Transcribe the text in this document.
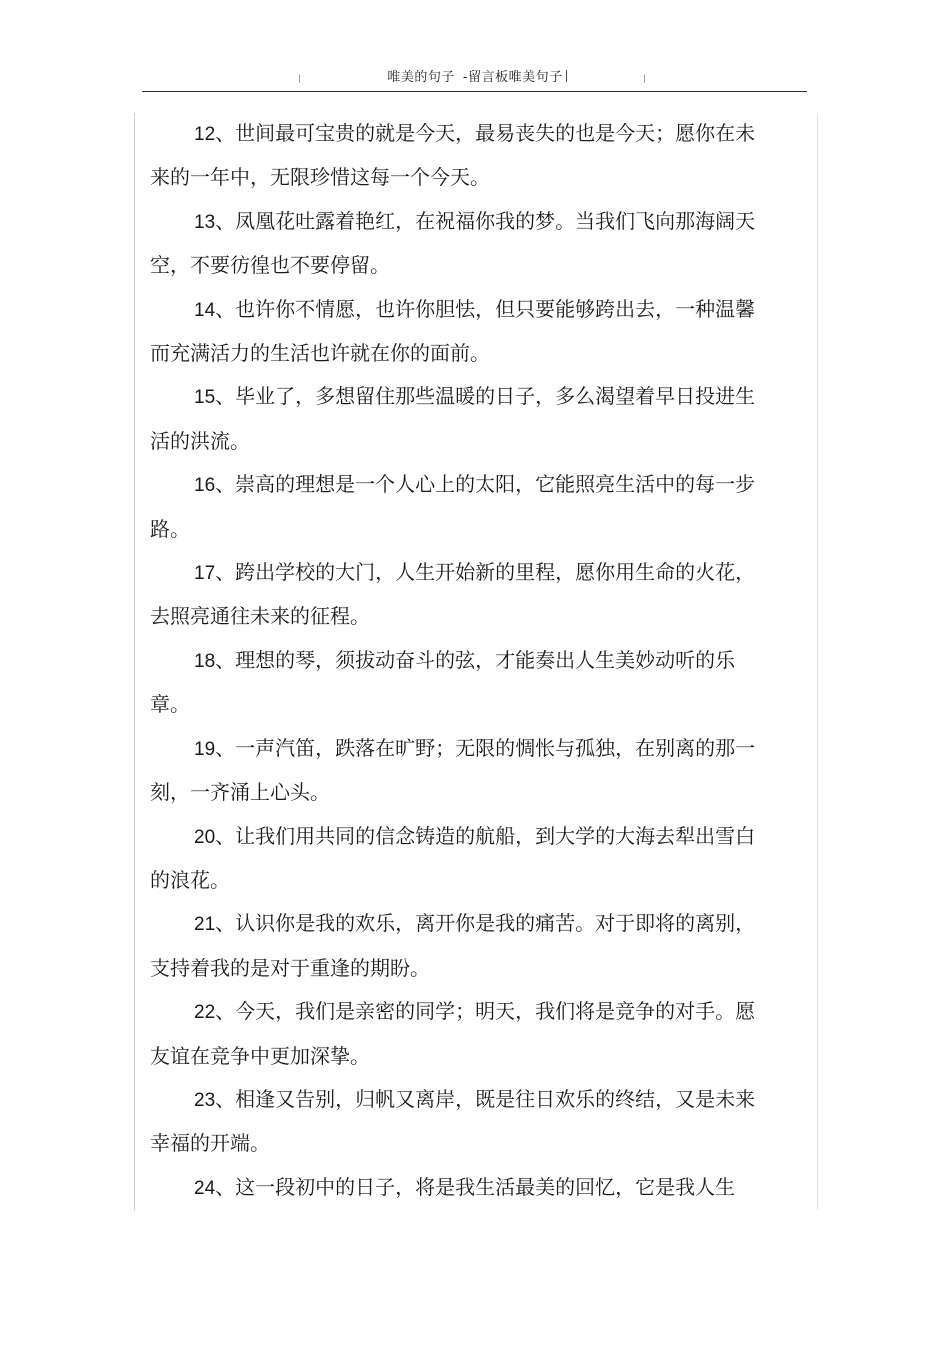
唯美的句子 -留言板唯美句子

12、世间最可宝贵的就是今天，最易丧失的也是今天；愿你在未来的一年中，无限珍惜这每一个今天。

13、凤凰花吐露着艳红，在祝福你我的梦。当我们飞向那海阔天空，不要彷徨也不要停留。

14、也许你不情愿，也许你胆怯，但只要能够跨出去，一种温馨而充满活力的生活也许就在你的面前。

15、毕业了，多想留住那些温暖的日子，多么渴望着早日投进生活的洪流。

16、崇高的理想是一个人心上的太阳，它能照亮生活中的每一步路。

17、跨出学校的大门，人生开始新的里程，愿你用生命的火花，去照亮通往未来的征程。

18、理想的琴，须拔动奋斗的弦，才能奏出人生美妙动听的乐章。

19、一声汽笛，跌落在旷野；无限的惆怅与孤独，在别离的那一刻，一齐涌上心头。

20、让我们用共同的信念铸造的航船，到大学的大海去犁出雪白的浪花。

21、认识你是我的欢乐，离开你是我的痛苦。对于即将的离别，支持着我的是对于重逢的期盼。

22、今天，我们是亲密的同学；明天，我们将是竞争的对手。愿友谊在竞争中更加深挚。

23、相逢又告别，归帆又离岸，既是往日欢乐的终结，又是未来幸福的开端。

24、这一段初中的日子，将是我生活最美的回忆，它是我人生
